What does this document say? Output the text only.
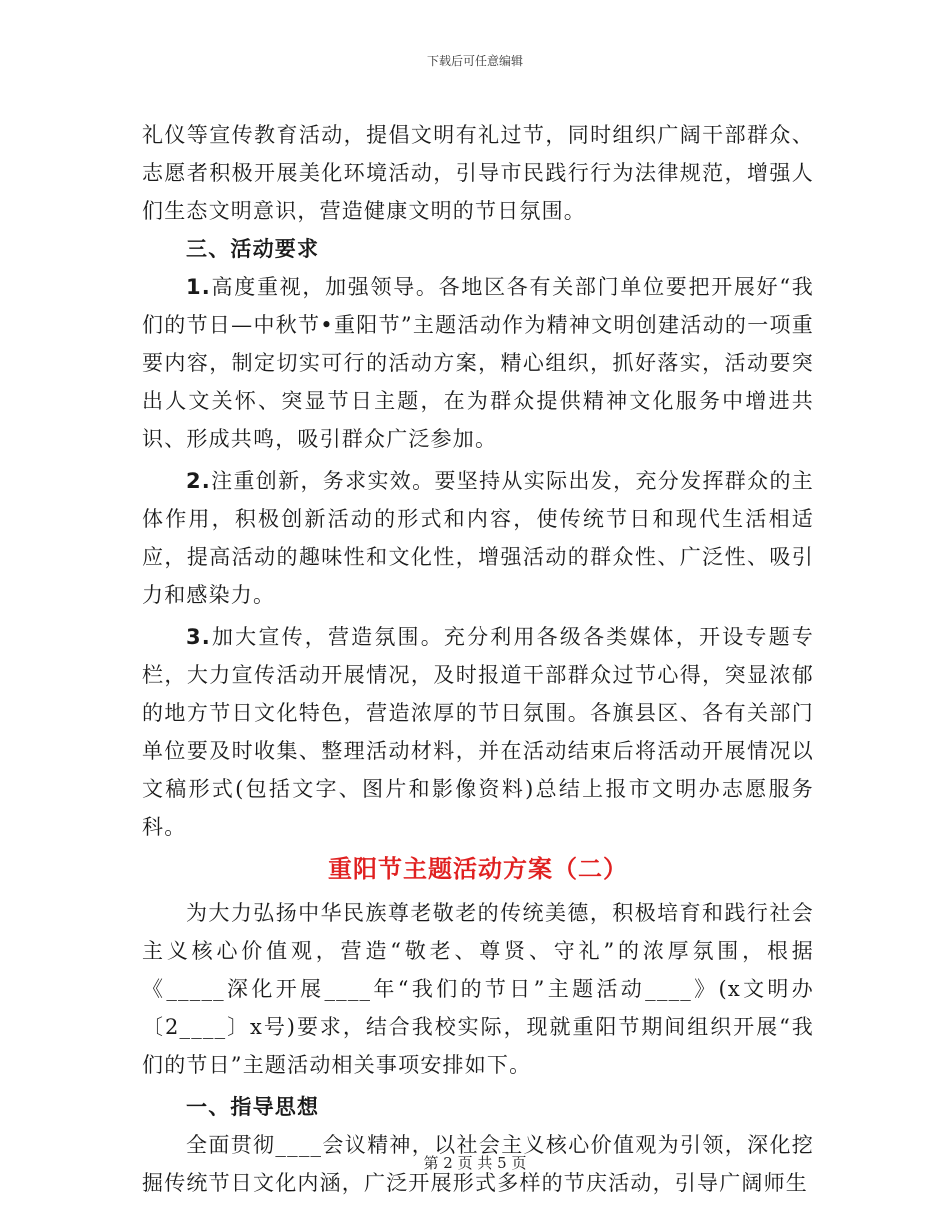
下载后可任意编辑

礼仪等宣传教育活动，提倡文明有礼过节，同时组织广阔干部群众、志愿者积极开展美化环境活动，引导市民践行行为法律规范，增强人们生态文明意识，营造健康文明的节日氛围。

三、活动要求

1.高度重视，加强领导。各地区各有关部门单位要把开展好“我们的节日—中秋节•重阳节”主题活动作为精神文明创建活动的一项重要内容，制定切实可行的活动方案，精心组织，抓好落实，活动要突出人文关怀、突显节日主题，在为群众提供精神文化服务中增进共识、形成共鸣，吸引群众广泛参加。

2.注重创新，务求实效。要坚持从实际出发，充分发挥群众的主体作用，积极创新活动的形式和内容，使传统节日和现代生活相适应，提高活动的趣味性和文化性，增强活动的群众性、广泛性、吸引力和感染力。

3.加大宣传，营造氛围。充分利用各级各类媒体，开设专题专栏，大力宣传活动开展情况，及时报道干部群众过节心得，突显浓郁的地方节日文化特色，营造浓厚的节日氛围。各旗县区、各有关部门单位要及时收集、整理活动材料，并在活动结束后将活动开展情况以文稿形式(包括文字、图片和影像资料)总结上报市文明办志愿服务科。

重阳节主题活动方案（二）

为大力弘扬中华民族尊老敬老的传统美德，积极培育和践行社会主义核心价值观，营造“敬老、尊贤、守礼”的浓厚氛围，根据《_____深化开展____年“我们的节日”主题活动____》(x文明办〔2____〕x号)要求，结合我校实际，现就重阳节期间组织开展“我们的节日”主题活动相关事项安排如下。

一、指导思想

全面贯彻____会议精神，以社会主义核心价值观为引领，深化挖掘传统节日文化内涵，广泛开展形式多样的节庆活动，引导广阔师生

第 2 页 共 5 页
